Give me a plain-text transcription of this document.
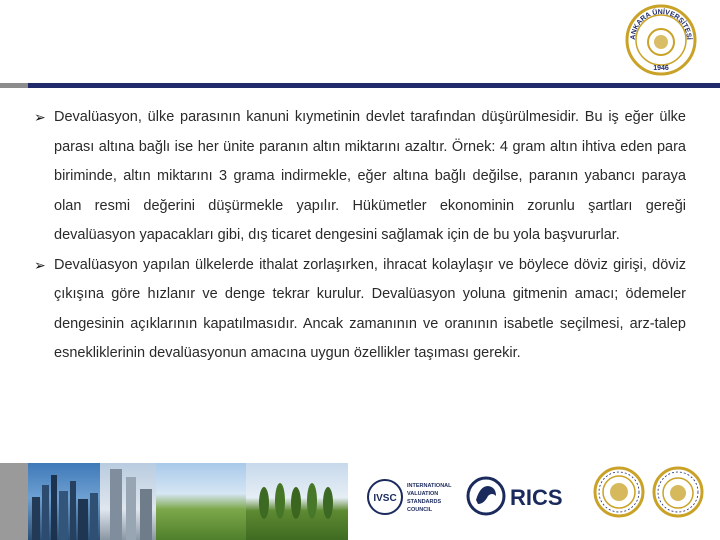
ANKARA ÜNİVERSİTESİ
1946

➢ Devalüasyon, ülke parasının kanuni kıymetinin devlet tarafından düşürülmesidir. Bu iş eğer ülke parası altına bağlı ise her ünite paranın altın miktarını azaltır. Örnek: 4 gram altın ihtiva eden para biriminde, altın miktarını 3 grama indirmekle, eğer altına bağlı değilse, paranın yabancı paraya olan resmi değerini düşürmekle yapılır. Hükümetler ekonominin zorunlu şartları gereği devalüasyon yapacakları gibi, dış ticaret dengesini sağlamak için de bu yola başvururlar.

➢ Devalüasyon yapılan ülkelerde ithalat zorlaşırken, ihracat kolaylaşır ve böylece döviz girişi, döviz çıkışına göre hızlanır ve denge tekrar kurulur. Devalüasyon yoluna gitmenin amacı; ödemeler dengesinin açıklarının kapatılmasıdır. Ancak zamanının ve oranının isabetle seçilmesi, arz-talep esnekliklerinin devalüasyonun amacına uygun özellikler taşıması gerekir.

IVSC
INTERNATIONAL
VALUATION
STANDARDS
COUNCIL	RICS
